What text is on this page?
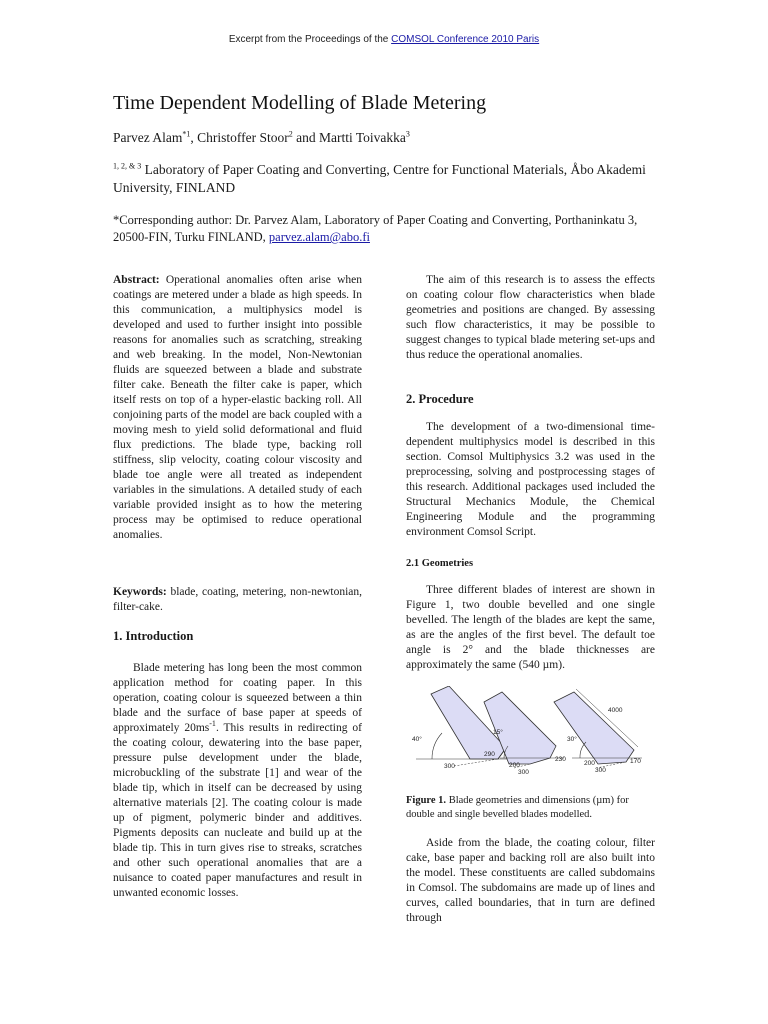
Excerpt from the Proceedings of the COMSOL Conference 2010 Paris
Time Dependent Modelling of Blade Metering
Parvez Alam$^{*1}$, Christoffer Stoor$^2$ and Martti Toivakka$^3$
$^{1, 2, \& 3}$ Laboratory of Paper Coating and Converting, Centre for Functional Materials, Åbo Akademi University, FINLAND
*Corresponding author: Dr. Parvez Alam, Laboratory of Paper Coating and Converting, Porthaninkatu 3, 20500-FIN, Turku FINLAND, parvez.alam@abo.fi

Abstract: Operational anomalies often arise when coatings are metered under a blade as high speeds. In this communication, a multiphysics model is developed and used to further insight into possible reasons for anomalies such as scratching, streaking and web breaking. In the model, Non-Newtonian fluids are squeezed between a blade and substrate filter cake. Beneath the filter cake is paper, which itself rests on top of a hyper-elastic backing roll. All conjoining parts of the model are back coupled with a moving mesh to yield solid deformational and fluid flux predictions. The blade type, backing roll stiffness, slip velocity, coating colour viscosity and blade toe angle were all treated as independent variables in the simulations. A detailed study of each variable provided insight as to how the metering process may be optimised to reduce operational anomalies.

Keywords: blade, coating, metering, non-newtonian, filter-cake.

1. Introduction

Blade metering has long been the most common application method for coating paper. In this operation, coating colour is squeezed between a thin blade and the surface of base paper at speeds of approximately $20ms^{-1}$. This results in redirecting of the coating colour, dewatering into the base paper, pressure pulse development under the blade, microbuckling of the substrate [1] and wear of the blade tip, which in itself can be decreased by using alternative materials [2]. The coating colour is made up of pigment, polymeric binder and additives. Pigments deposits can nucleate and build up at the blade tip. This in turn gives rise to streaks, scratches and other such operational anomalies that are a nuisance to coated paper manufactures and result in unwanted economic losses.

The aim of this research is to assess the effects on coating colour flow characteristics when blade geometries and positions are changed. By assessing such flow characteristics, it may be possible to suggest changes to typical blade metering set-ups and thus reduce the operational anomalies.

2. Procedure

The development of a two-dimensional time-dependent multiphysics model is described in this section. Comsol Multiphysics 3.2 was used in the preprocessing, solving and postprocessing stages of this research. Additional packages used included the Structural Mechanics Module, the Chemical Engineering Module and the programming environment Comsol Script.

2.1 Geometries

Three different blades of interest are shown in Figure 1, two double bevelled and one single bevelled. The length of the blades are kept the same, as are the angles of the first bevel. The default toe angle is 2° and the blade thicknesses are approximately the same (540 µm).

40°
300
290
15°
200
300
230
4000
30°
200
300
170

Figure 1. Blade geometries and dimensions (µm) for double and single bevelled blades modelled.

Aside from the blade, the coating colour, filter cake, base paper and backing roll are also built into the model. These constituents are called subdomains in Comsol. The subdomains are made up of lines and curves, called boundaries, that in turn are defined through
